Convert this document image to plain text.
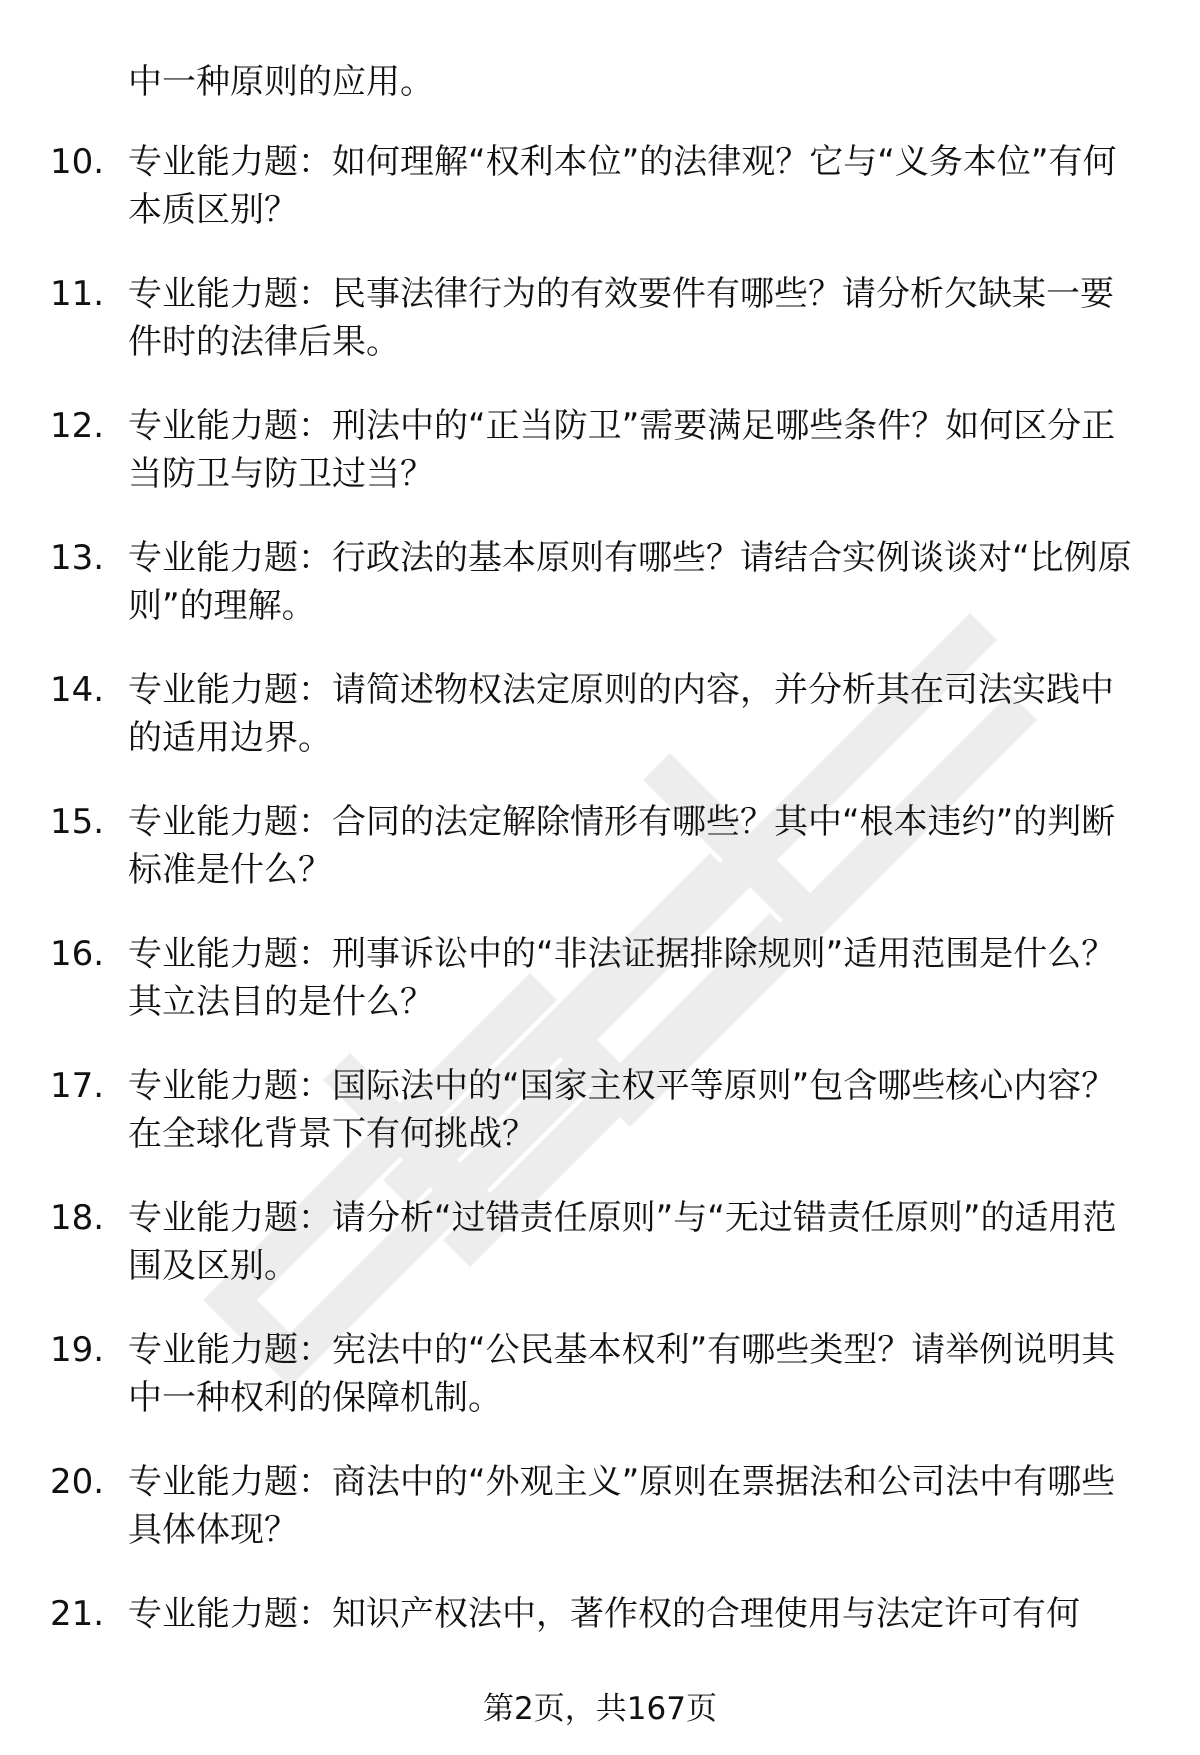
中一种原则的应用。

10. 专业能力题：如何理解“权利本位”的法律观？它与“义务本位”有何本质区别？

11. 专业能力题：民事法律行为的有效要件有哪些？请分析欠缺某一要件时的法律后果。

12. 专业能力题：刑法中的“正当防卫”需要满足哪些条件？如何区分正当防卫与防卫过当？

13. 专业能力题：行政法的基本原则有哪些？请结合实例谈谈对“比例原则”的理解。

14. 专业能力题：请简述物权法定原则的内容，并分析其在司法实践中的适用边界。

15. 专业能力题：合同的法定解除情形有哪些？其中“根本违约”的判断标准是什么？

16. 专业能力题：刑事诉讼中的“非法证据排除规则”适用范围是什么？其立法目的是什么？

17. 专业能力题：国际法中的“国家主权平等原则”包含哪些核心内容？在全球化背景下有何挑战？

18. 专业能力题：请分析“过错责任原则”与“无过错责任原则”的适用范围及区别。

19. 专业能力题：宪法中的“公民基本权利”有哪些类型？请举例说明其中一种权利的保障机制。

20. 专业能力题：商法中的“外观主义”原则在票据法和公司法中有哪些具体体现？

21. 专业能力题：知识产权法中，著作权的合理使用与法定许可有何

第2页，共167页
